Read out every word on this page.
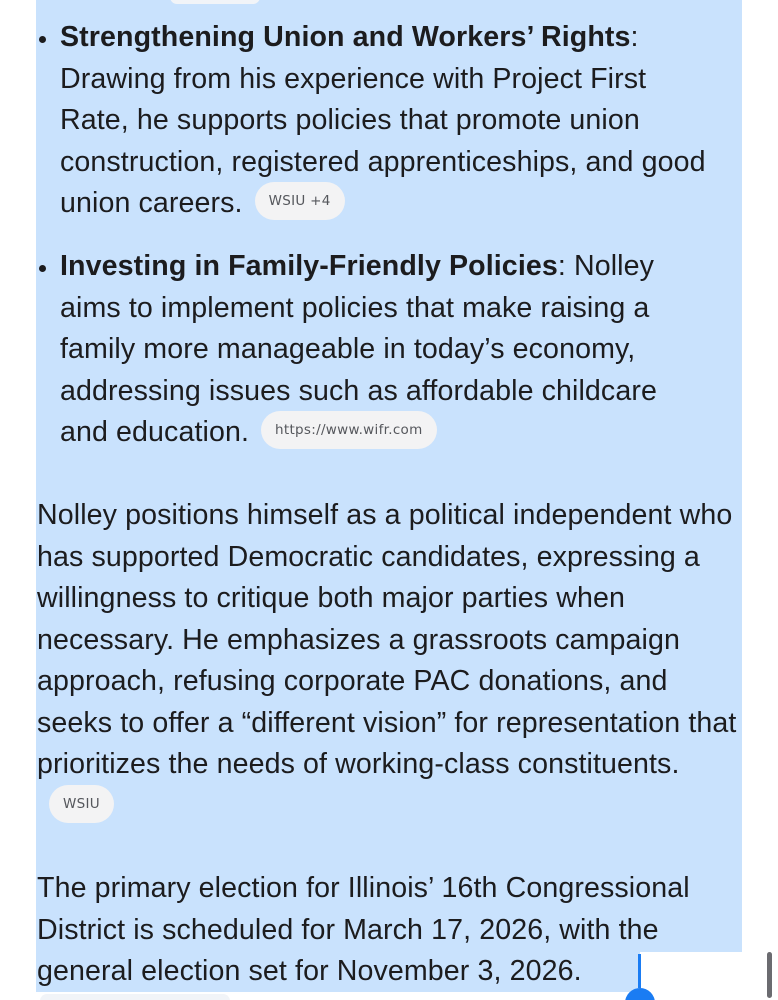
Strengthening Union and Workers’ Rights: Drawing from his experience with Project First Rate, he supports policies that promote union construction, registered apprenticeships, and good union careers. WSIU +4
Investing in Family-Friendly Policies: Nolley aims to implement policies that make raising a family more manageable in today’s economy, addressing issues such as affordable childcare and education. https://www.wifr.com
Nolley positions himself as a political independent who has supported Democratic candidates, expressing a willingness to critique both major parties when necessary. He emphasizes a grassroots campaign approach, refusing corporate PAC donations, and seeks to offer a “different vision” for representation that prioritizes the needs of working-class constituents.WSIU
The primary election for Illinois’ 16th Congressional District is scheduled for March 17, 2026, with the general election set for November 3, 2026.
